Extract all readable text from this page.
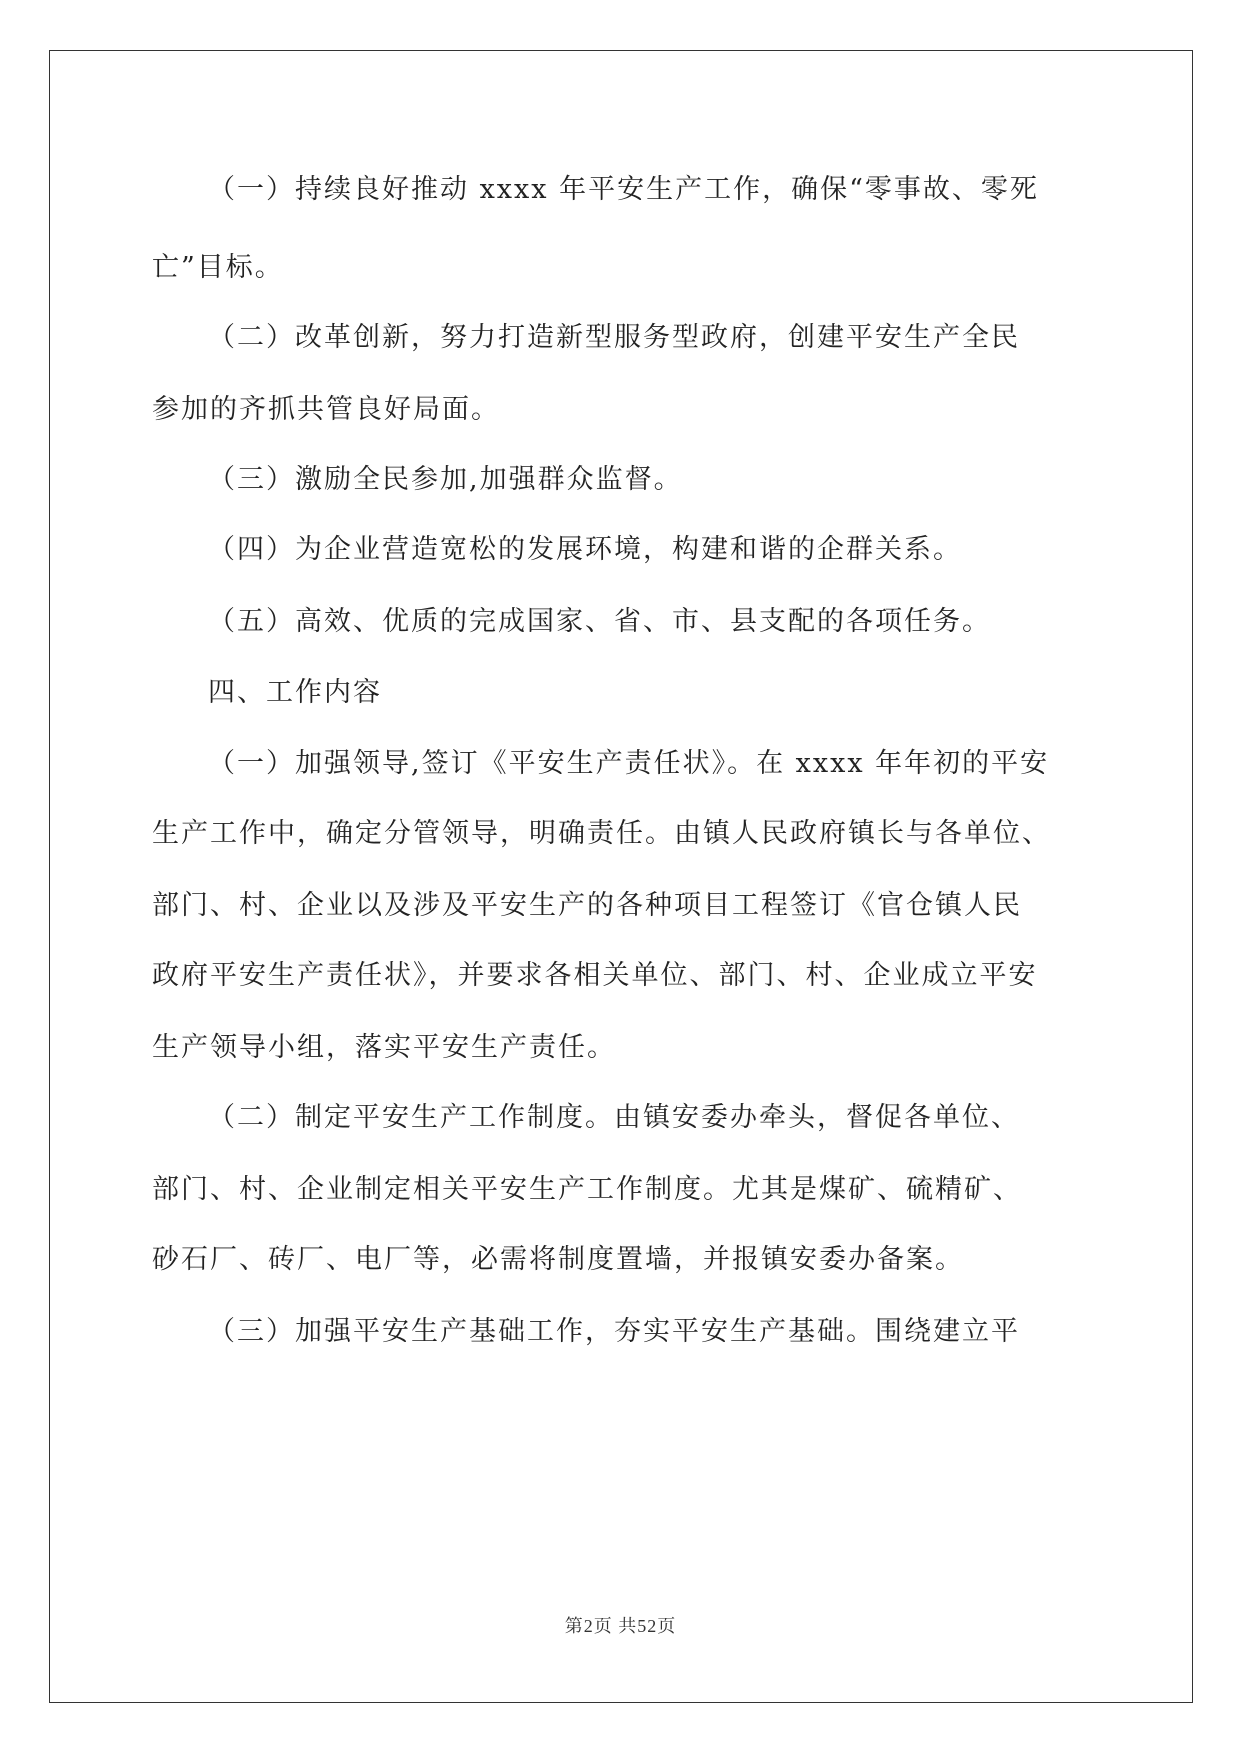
（一）持续良好推动 xxxx 年平安生产工作，确保“零事故、零死
亡”目标。
（二）改革创新，努力打造新型服务型政府，创建平安生产全民
参加的齐抓共管良好局面。
（三）激励全民参加,加强群众监督。
（四）为企业营造宽松的发展环境，构建和谐的企群关系。
（五）高效、优质的完成国家、省、市、县支配的各项任务。
四、工作内容
（一）加强领导,签订《平安生产责任状》。在 xxxx 年年初的平安
生产工作中，确定分管领导，明确责任。由镇人民政府镇长与各单位、
部门、村、企业以及涉及平安生产的各种项目工程签订《官仓镇人民
政府平安生产责任状》，并要求各相关单位、部门、村、企业成立平安
生产领导小组，落实平安生产责任。
（二）制定平安生产工作制度。由镇安委办牵头，督促各单位、
部门、村、企业制定相关平安生产工作制度。尤其是煤矿、硫精矿、
砂石厂、砖厂、电厂等，必需将制度置墙，并报镇安委办备案。
（三）加强平安生产基础工作，夯实平安生产基础。围绕建立平
第2页 共52页
